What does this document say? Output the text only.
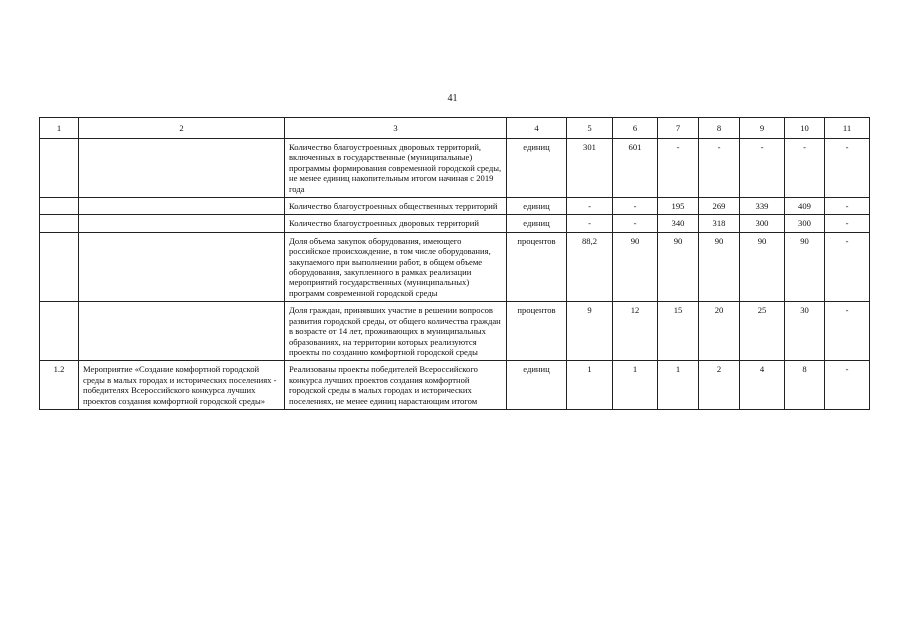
41
1	2	3	4	5	6	7	8	9	10	11
		Количество благоустроенных дворовых территорий, включенных в государственные (муниципальные) программы формирования современной городской среды, не менее единиц накопительным итогом начиная с 2019 года	единиц	301	601	-	-	-	-	-
		Количество благоустроенных общественных территорий	единиц	-	-	195	269	339	409	-
		Количество благоустроенных дворовых территорий	единиц	-	-	340	318	300	300	-
		Доля объема закупок оборудования, имеющего российское происхождение, в том числе оборудования, закупаемого при выполнении работ, в общем объеме оборудования, закупленного в рамках реализации мероприятий государственных (муниципальных) программ современной городской среды	процентов	88,2	90	90	90	90	90	-
		Доля граждан, принявших участие в решении вопросов развития городской среды, от общего количества граждан в возрасте от 14 лет, проживающих в муниципальных образованиях, на территории которых реализуются проекты по созданию комфортной городской среды	процентов	9	12	15	20	25	30	-
1.2	Мероприятие «Создание комфортной городской среды в малых городах и исторических поселениях - победителях Всероссийского конкурса лучших проектов создания комфортной городской среды»	Реализованы проекты победителей Всероссийского конкурса лучших проектов создания комфортной городской среды в малых городах и исторических поселениях, не менее единиц нарастающим итогом	единиц	1	1	1	2	4	8	-
